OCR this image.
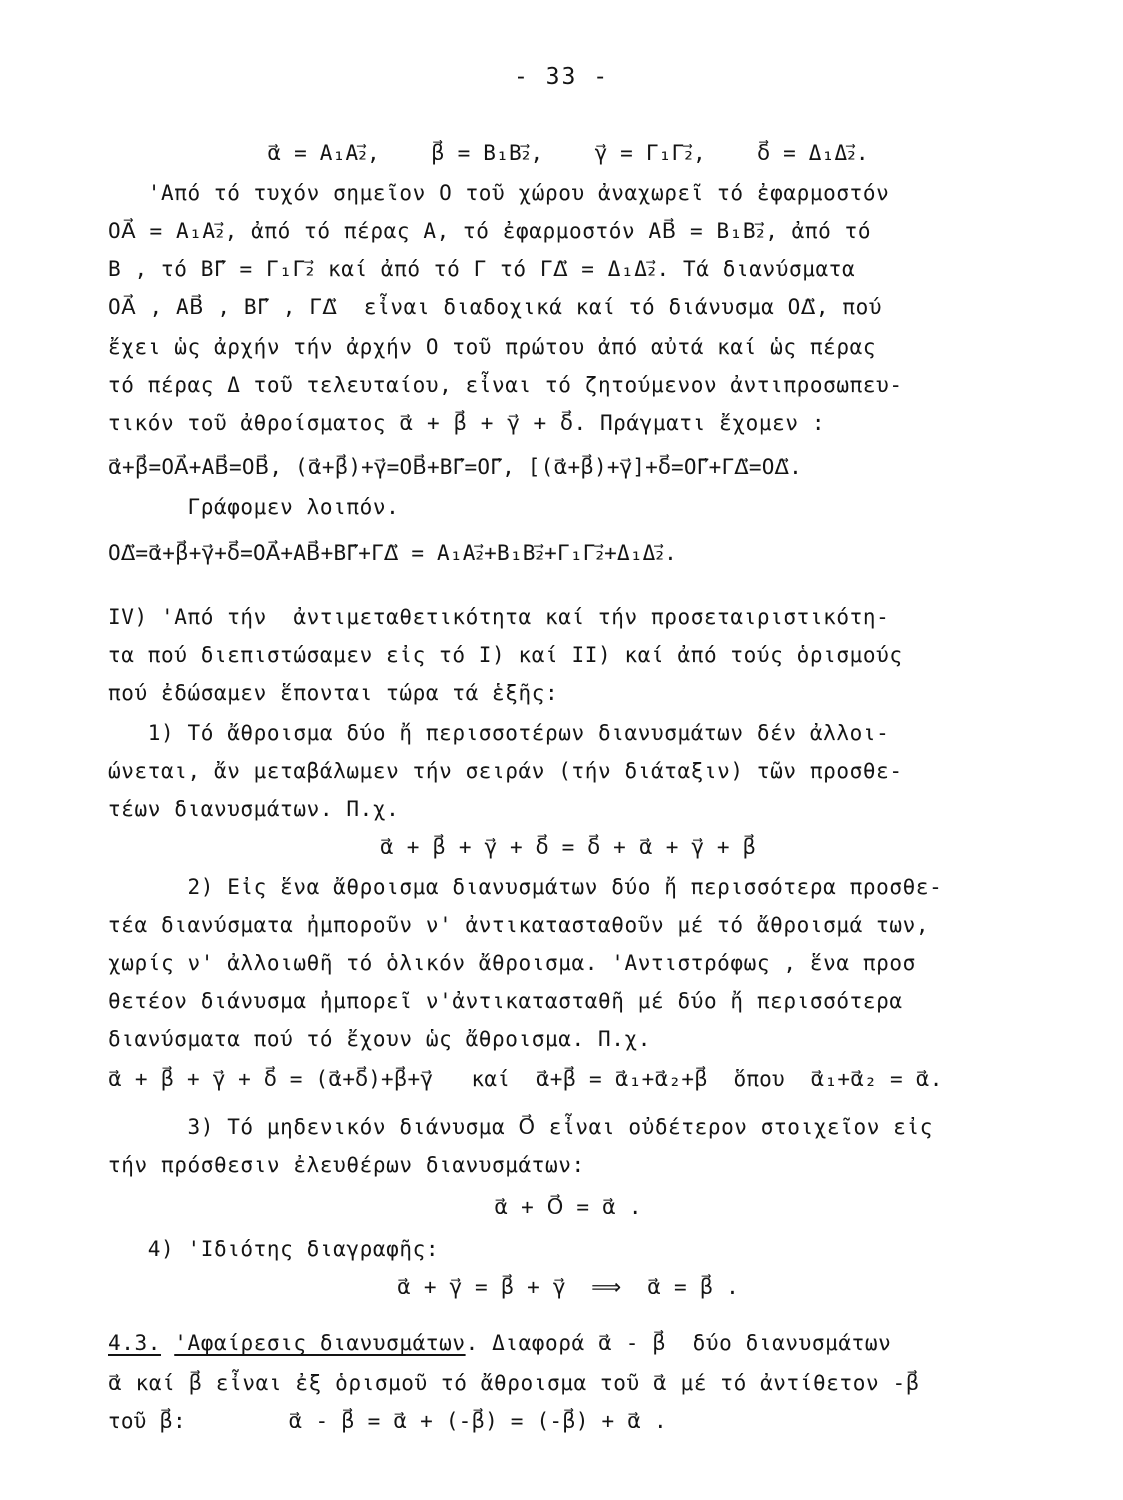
- 33 -
α⃗ = A₁A₂⃗,    β⃗ = B₁B₂⃗,    γ⃗ = Γ₁Γ₂⃗,    δ⃗ = Δ₁Δ₂⃗.
'Από τό τυχόν σημεῖον O τοῦ χώρου ἀναχωρεῖ τό ἐφαρμοστόν
OA⃗ = A₁A₂⃗, ἀπό τό πέρας A, τό ἐφαρμοστόν AB⃗ = B₁B₂⃗, ἀπό τό
B , τό BΓ⃗ = Γ₁Γ₂⃗ καί ἀπό τό Γ τό ΓΔ⃗ = Δ₁Δ₂⃗. Τά διανύσματα
OA⃗ , AB⃗ , BΓ⃗ , ΓΔ⃗  εἶναι διαδοχικά καί τό διάνυσμα OΔ⃗, πού
ἔχει ὡς ἀρχήν τήν ἀρχήν O τοῦ πρώτου ἀπό αὐτά καί ὡς πέρας
τό πέρας Δ τοῦ τελευταίου, εἶναι τό ζητούμενον ἀντιπροσωπευ-
τικόν τοῦ ἀθροίσματος α⃗ + β⃗ + γ⃗ + δ⃗. Πράγματι ἔχομεν :
α⃗+β⃗=OA⃗+AB⃗=OB⃗, (α⃗+β⃗)+γ⃗=OB⃗+BΓ⃗=OΓ⃗, [(α⃗+β⃗)+γ⃗]+δ⃗=OΓ⃗+ΓΔ⃗=OΔ⃗.
Γράφομεν λοιπόν.
OΔ⃗=α⃗+β⃗+γ⃗+δ⃗=OA⃗+AB⃗+BΓ⃗+ΓΔ⃗ = A₁A₂⃗+B₁B₂⃗+Γ₁Γ₂⃗+Δ₁Δ₂⃗.
IV) 'Από τήν  ἀντιμεταθετικότητα καί τήν προσεταιριστικότη-
τα πού διεπιστώσαμεν εἰς τό I) καί II) καί ἀπό τούς ὁρισμούς
πού ἐδώσαμεν ἕπονται τώρα τά ἑξῆς:
1) Τό ἄθροισμα δύο ἤ περισσοτέρων διανυσμάτων δέν ἀλλοι-
ώνεται, ἄν μεταβάλωμεν τήν σειράν (τήν διάταξιν) τῶν προσθε-
τέων διανυσμάτων. Π.χ.
α⃗ + β⃗ + γ⃗ + δ⃗ = δ⃗ + α⃗ + γ⃗ + β⃗
2) Εἰς ἕνα ἄθροισμα διανυσμάτων δύο ἤ περισσότερα προσθε-
τέα διανύσματα ἠμποροῦν ν' ἀντικατασταθοῦν μέ τό ἄθροισμά των,
χωρίς ν' ἀλλοιωθῆ τό ὁλικόν ἄθροισμα. 'Αντιστρόφως , ἕνα προσ
θετέον διάνυσμα ἠμπορεῖ ν'ἀντικατασταθῆ μέ δύο ἤ περισσότερα
διανύσματα πού τό ἔχουν ὡς ἄθροισμα. Π.χ.
α⃗ + β⃗ + γ⃗ + δ⃗ = (α⃗+δ⃗)+β⃗+γ⃗   καί  α⃗+β⃗ = α⃗₁+α⃗₂+β⃗  ὅπου  α⃗₁+α⃗₂ = α⃗.
3) Τό μηδενικόν διάνυσμα O⃗ εἶναι οὐδέτερον στοιχεῖον εἰς
τήν πρόσθεσιν ἐλευθέρων διανυσμάτων:
α⃗ + O⃗ = α⃗ .
4) 'Ιδιότης διαγραφῆς:
α⃗ + γ⃗ = β⃗ + γ⃗  ⟹  α⃗ = β⃗ .
4.3. 'Αφαίρεσις διανυσμάτων. Διαφορά α⃗ - β⃗  δύο διανυσμάτων
α⃗ καί β⃗ εἶναι ἐξ ὁρισμοῦ τό ἄθροισμα τοῦ α⃗ μέ τό ἀντίθετον -β⃗
τοῦ β⃗:        α⃗ - β⃗ = α⃗ + (-β⃗) = (-β⃗) + α⃗ .
